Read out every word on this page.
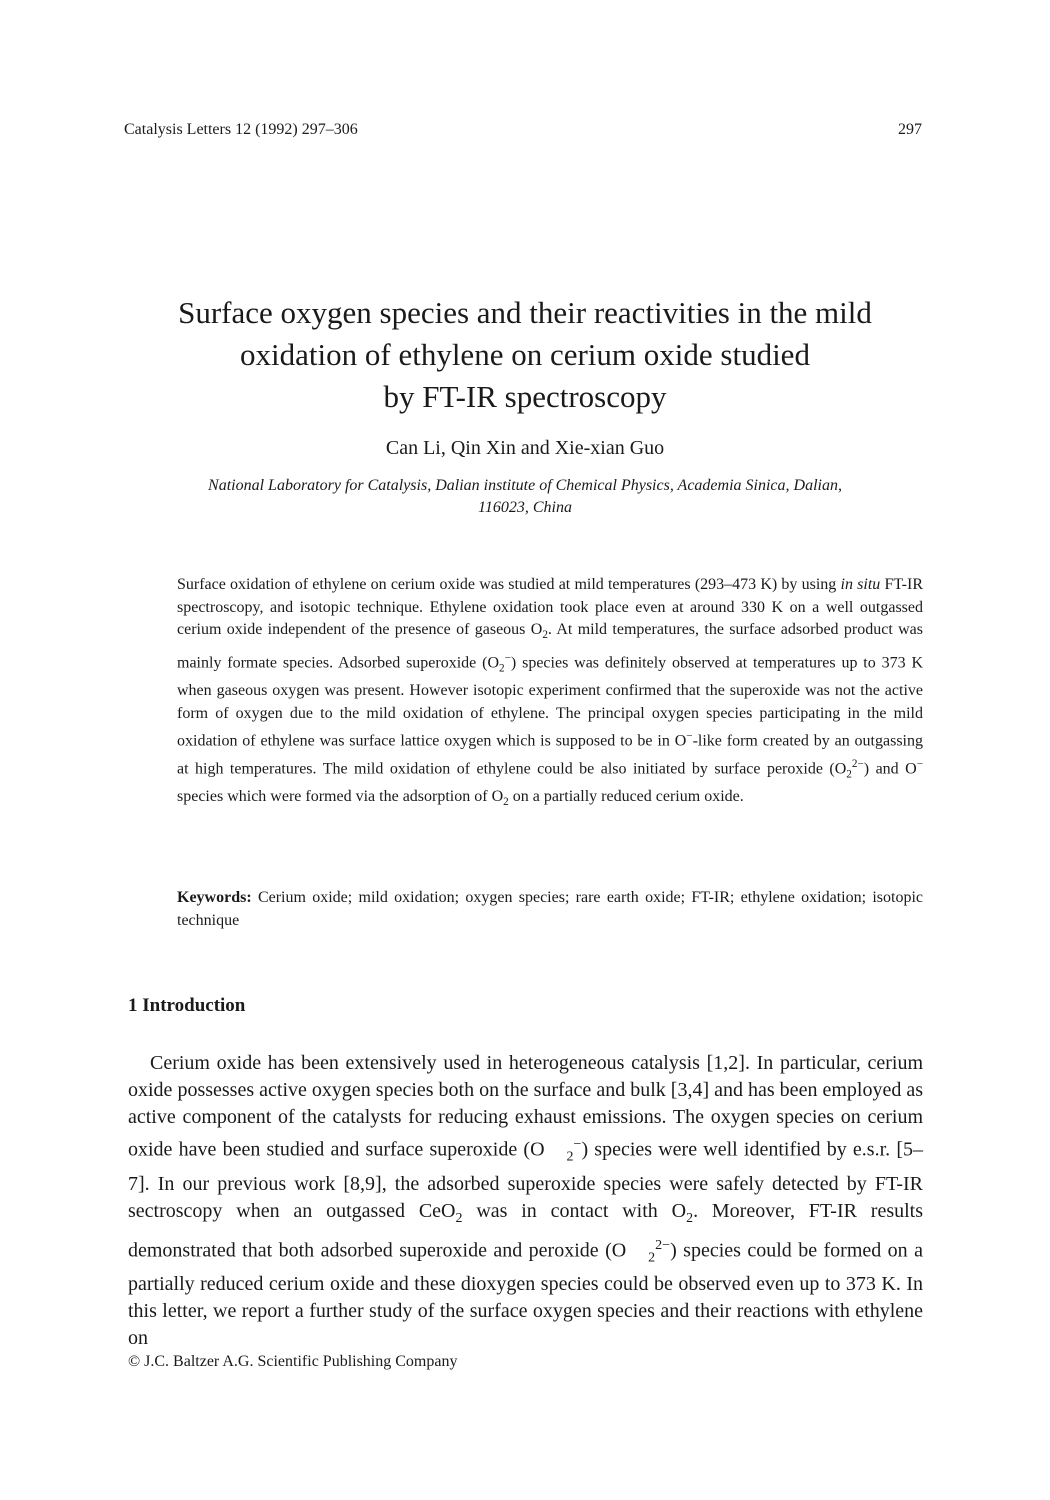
Catalysis Letters 12 (1992) 297–306	297
Surface oxygen species and their reactivities in the mild
oxidation of ethylene on cerium oxide studied
by FT-IR spectroscopy
Can Li, Qin Xin and Xie-xian Guo
National Laboratory for Catalysis, Dalian institute of Chemical Physics, Academia Sinica, Dalian,
116023, China
Surface oxidation of ethylene on cerium oxide was studied at mild temperatures (293–473 K) by using in situ FT-IR spectroscopy, and isotopic technique. Ethylene oxidation took place even at around 330 K on a well outgassed cerium oxide independent of the presence of gaseous $O_2$. At mild temperatures, the surface adsorbed product was mainly formate species. Adsorbed superoxide $(O_2^-)$ species was definitely observed at temperatures up to 373 K when gaseous oxygen was present. However isotopic experiment confirmed that the superoxide was not the active form of oxygen due to the mild oxidation of ethylene. The principal oxygen species participating in the mild oxidation of ethylene was surface lattice oxygen which is supposed to be in O−-like form created by an outgassing at high temperatures. The mild oxidation of ethylene could be also initiated by surface peroxide $(O_2^{2-})$ and O− species which were formed via the adsorption of $O_2$ on a partially reduced cerium oxide.
Keywords: Cerium oxide; mild oxidation; oxygen species; rare earth oxide; FT-IR; ethylene oxidation; isotopic technique
1 Introduction

Cerium oxide has been extensively used in heterogeneous catalysis [1,2]. In particular, cerium oxide possesses active oxygen species both on the surface and bulk [3,4] and has been employed as active component of the catalysts for reducing exhaust emissions. The oxygen species on cerium oxide have been studied and surface superoxide (O $_2$−) species were well identified by e.s.r. [5–7]. In our previous work [8,9], the adsorbed superoxide species were safely detected by FT-IR sectroscopy when an outgassed CeO$_2$ was in contact with $O_2$. Moreover, FT-IR results demonstrated that both adsorbed superoxide and peroxide (O $_2^{2-}$) species could be formed on a partially reduced cerium oxide and these dioxygen species could be observed even up to 373 K. In this letter, we report a further study of the surface oxygen species and their reactions with ethylene on

© J.C. Baltzer A.G. Scientific Publishing Company
